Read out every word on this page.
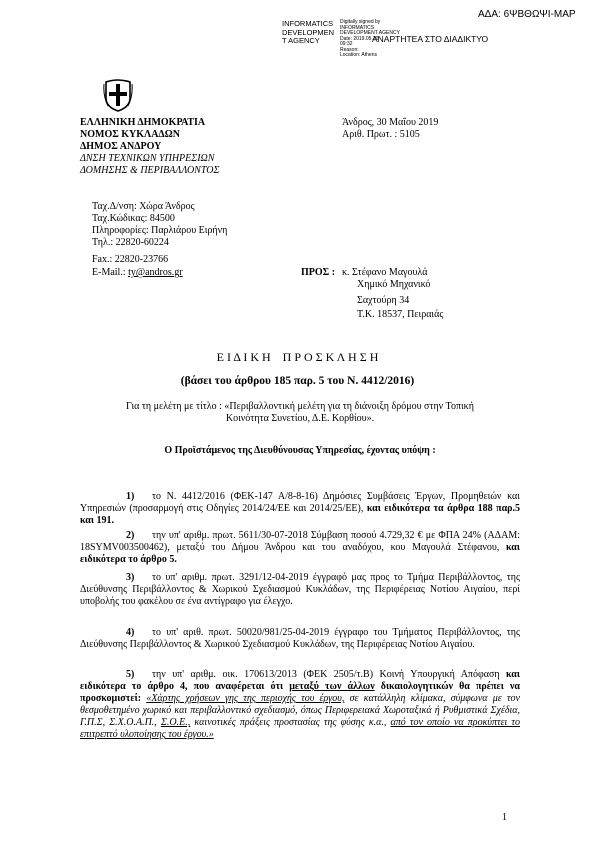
ΑΔΑ: 6ΨΒΘΩΨΙ-ΜΑΡ
INFORMATICS
DEVELOPMEN
T AGENCY
Digitally signed by
INFORMATICS
DEVELOPMENT AGENCY
Date: 2019.05.30
09:32
Reason:
Location: Athens
ΑΝΑΡΤΗΤΕΑ ΣΤΟ ΔΙΑΔΙΚΤΥΟ
ΕΛΛΗΝΙΚΗ ΔΗΜΟΚΡΑΤΙΑ
ΝΟΜΟΣ ΚΥΚΛΑΔΩΝ
ΔΗΜΟΣ ΑΝΔΡΟΥ
ΔΝΣΗ ΤΕΧΝΙΚΩΝ ΥΠΗΡΕΣΙΩΝ
ΔΟΜΗΣΗΣ & ΠΕΡΙΒΑΛΛΟΝΤΟΣ
Άνδρος, 30 Μαΐου 2019
Αριθ. Πρωτ. : 5105
Ταχ.Δ/νση: Χώρα Άνδρος
Ταχ.Κώδικας: 84500
Πληροφορίες: Παρλιάρου Ειρήνη
Τηλ.: 22820-60224
Fax.: 22820-23766
E-Mail.: ty@andros.gr	ΠΡΟΣ : κ. Στέφανο Μαγουλά
Χημικό Μηχανικό
Σαχτούρη 34
Τ.Κ. 18537, Πειραιάς
Ε Ι Δ Ι Κ Η    Π Ρ Ο Σ Κ Λ Η Σ Η
(βάσει του άρθρου 185 παρ. 5 του Ν. 4412/2016)
Για τη μελέτη με τίτλο : «Περιβαλλοντική μελέτη για τη διάνοιξη δρόμου στην Τοπική
Κοινότητα Συνετίου, Δ.Ε. Κορθίου».
Ο Προϊστάμενος της Διευθύνουσας Υπηρεσίας, έχοντας υπόψη :
1) το Ν. 4412/2016 (ΦΕΚ-147 Α/8-8-16) Δημόσιες Συμβάσεις Έργων, Προμηθειών και Υπηρεσιών (προσαρμογή στις Οδηγίες 2014/24/ΕΕ και 2014/25/ΕΕ), και ειδικότερα τα άρθρα 188 παρ.5 και 191.
2) την υπ' αριθμ. πρωτ. 5611/30-07-2018 Σύμβαση ποσού 4.729,32 € με ΦΠΑ 24% (ΑΔΑΜ: 18SYMV003500462), μεταξύ του Δήμου Άνδρου και του αναδόχου, κου Μαγουλά Στέφανου, και ειδικότερα το άρθρο 5.
3) το υπ' αριθμ. πρωτ. 3291/12-04-2019 έγγραφό μας προς το Τμήμα Περιβάλλοντος, της Διεύθυνσης Περιβάλλοντος & Χωρικού Σχεδιασμού Κυκλάδων, της Περιφέρειας Νοτίου Αιγαίου, περί υποβολής του φακέλου σε ένα αντίγραφο για έλεγχο.
4) το υπ' αριθ. πρωτ. 50020/981/25-04-2019 έγγραφο του Τμήματος Περιβάλλοντος, της Διεύθυνσης Περιβάλλοντος & Χωρικού Σχεδιασμού Κυκλάδων, της Περιφέρειας Νοτίου Αιγαίου.
5) την υπ' αριθμ. οικ. 170613/2013 (ΦΕΚ 2505/τ.Β) Κοινή Υπουργική Απόφαση και ειδικότερα το άρθρο 4, που αναφέρεται ότι μεταξύ των άλλων δικαιολογητικών θα πρέπει να προσκομιστεί: «Χάρτης χρήσεων γης της περιοχής του έργου, σε κατάλληλη κλίμακα, σύμφωνα με τον θεσμοθετημένο χωρικό και περιβαλλοντικό σχεδιασμό, όπως Περιφερειακά Χωροταξικά ή Ρυθμιστικά Σχέδια, Γ.Π.Σ, Σ.Χ.Ο.Α.Π., Σ.Ο.Ε., καινοτικές πράξεις προστασίας της φύσης κ.α., από τον οποίο να προκύπτει το επιτρεπτό υλοποίησης του έργου.»
1
